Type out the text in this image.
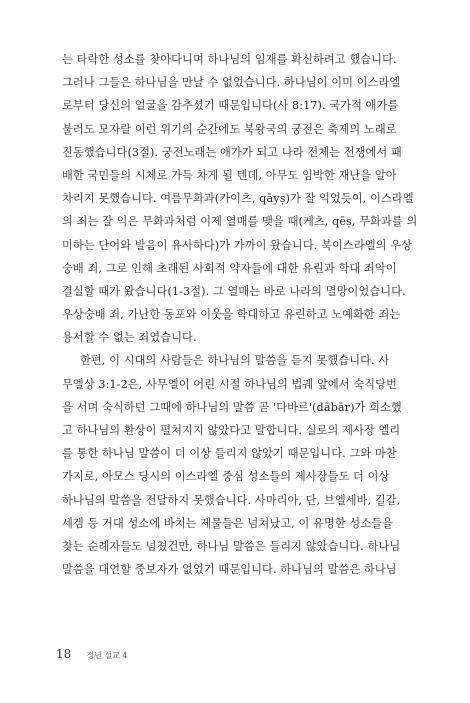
는 타락한 성소를 찾아다니며 하나님의 임재를 확신하려고 했습니다.
그러나 그들은 하나님을 만날 수 없었습니다. 하나님이 이미 이스라엘
로부터 당신의 얼굴을 감추셨기 때문입니다(사 8:17). 국가적 애가를
불러도 모자랄 이런 위기의 순간에도 북왕국의 궁전은 축제의 노래로
진동했습니다(3절). 궁전노래는 애가가 되고 나라 전체는 전쟁에서 패
배한 국민들의 시체로 가득 차게 될 텐데, 아무도 임박한 재난을 알아
차리지 못했습니다. 여름무화과(카이츠, qāyṣ)가 잘 익었듯이, 이스라엘
의 죄는 잘 익은 무화과처럼 이제 열매를 맺을 때(케츠, qēṣ, 무화과를 의
미하는 단어와 발음이 유사하다)가 가까이 왔습니다. 북이스라엘의 우상
숭배 죄, 그로 인해 초래된 사회적 약자들에 대한 유린과 학대 죄악이
결실할 때가 왔습니다(1-3절). 그 열매는 바로 나라의 멸망이었습니다.
우상숭배 죄, 가난한 동포와 이웃을 학대하고 유린하고 노예화한 죄는
용서할 수 없는 죄였습니다.
한편, 이 시대의 사람들은 하나님의 말씀을 듣지 못했습니다. 사
무엘상 3:1-2은, 사무엘이 어린 시절 하나님의 법궤 앞에서 숙직당번
을 서며 숙식하던 그때에 하나님의 말씀 곧 '다바르'(dābār)가 희소했
고 하나님의 환상이 펼쳐지지 않았다고 말합니다. 실로의 제사장 엘리
를 통한 하나님 말씀이 더 이상 들리지 않았기 때문입니다. 그와 마찬
가지로, 아모스 당시의 이스라엘 중심 성소들의 제사장들도 더 이상
하나님의 말씀을 전달하지 못했습니다. 사마리아, 단, 브엘세바, 길갈,
세겜 등 거대 성소에 바치는 제물들은 넘쳐났고, 이 유명한 성소들을
찾는 순례자들도 넘쳤건만, 하나님 말씀은 들리지 않았습니다. 하나님
말씀을 대언할 중보자가 없었기 때문입니다. 하나님의 말씀은 하나님
18 정년 설교 4
